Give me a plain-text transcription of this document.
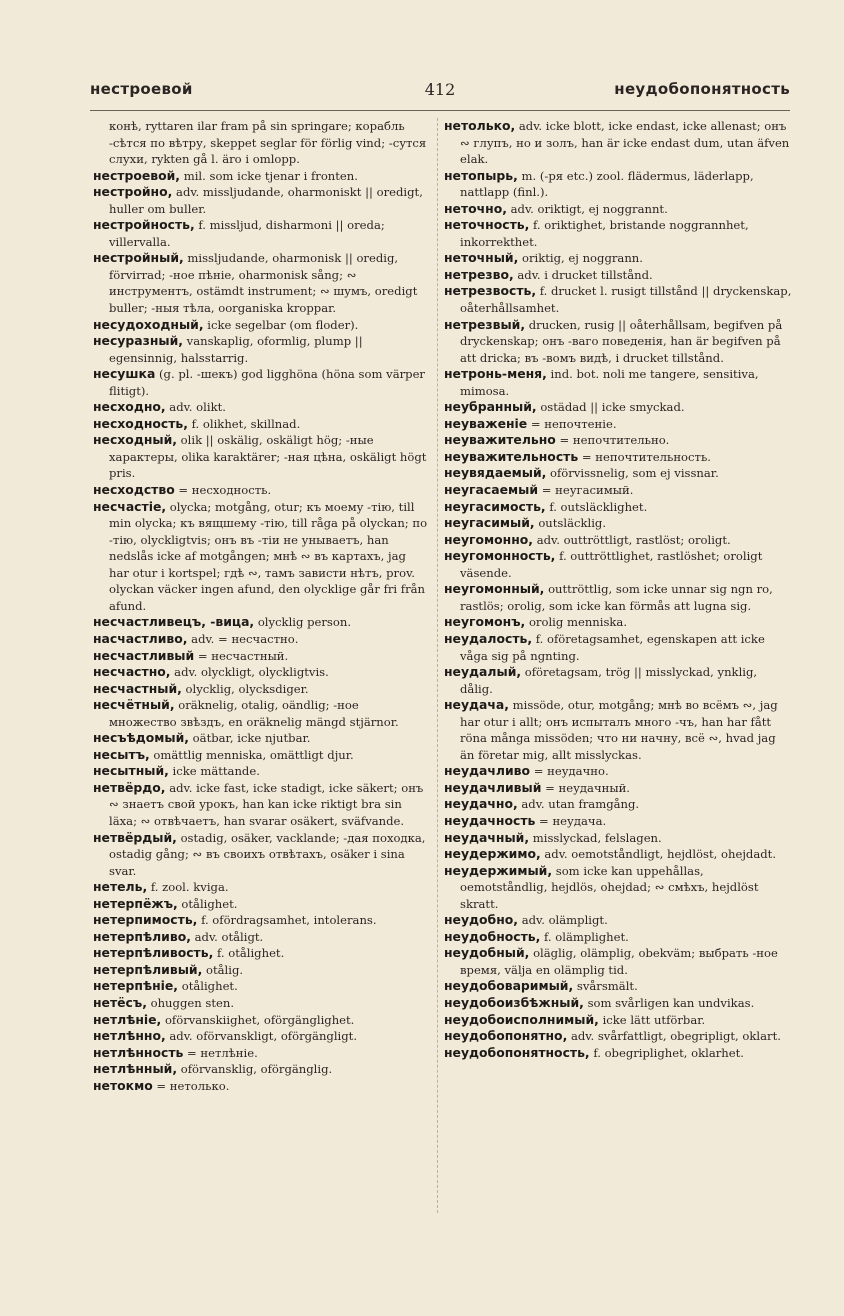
нестроевой	412	неудобопонятность

конѣ, ryttaren ilar fram på sin springare; корабль -сѣтся по вѣтру, skeppet seglar för förlig vind; -сутся слухи, rykten gå l. äro i omlopp.

нестроевой, mil. som icke tjenar i fronten.

нестройно, adv. missljudande, oharmoniskt || oredigt, huller om buller.

нестройность, f. missljud, disharmoni || oreda; villervalla.

нестройный, missljudande, oharmonisk || oredig, förvirrad; -ное пѣніе, oharmonisk sång; ∾ инструментъ, ostämdt instrument; ∾ шумъ, oredigt buller; -ныя тѣла, oorganiska kroppar.

несудоходный, icke segelbar (om floder).

несуразный, vanskaplig, oformlig, plump || egensinnig, halsstarrig.

несушка (g. pl. -шекъ) god ligghöna (höna som värper flitigt).

несходно, adv. olikt.

несходность, f. olikhet, skillnad.

несходный, olik || oskälig, oskäligt hög; -ные характеры, olika karaktärer; -ная цѣна, oskäligt högt pris.

несходство = несходность.

несчастіе, olycka; motgång, otur; къ моему -тію, till min olycka; къ вящшему -тію, till råga på olyckan; по -тію, olyckligtvis; онъ въ -тіи не унываетъ, han nedslås icke af motgången; мнѣ ∾ въ картахъ, jag har otur i kortspel; гдѣ ∾, тамъ зависти нѣтъ, prov. olyckan väcker ingen afund, den olycklige går fri från afund.

несчастливецъ, -вица, olycklig person.

насчастливо, adv. = несчастно.

несчастливый = несчастный.

несчастно, adv. olyckligt, olyckligtvis.

несчастный, olycklig, olycksdiger.

несчётный, oräknelig, otalig, oändlig; -ное множество звѣздъ, en oräknelig mängd stjärnor.

несъѣдомый, oätbar, icke njutbar.

несытъ, omättlig menniska, omättligt djur.

несытный, icke mättande.

нетвёрдо, adv. icke fast, icke stadigt, icke säkert; онъ ∾ знаетъ свой урокъ, han kan icke riktigt bra sin läxa; ∾ отвѣчаетъ, han svarar osäkert, sväfvande.

нетвёрдый, ostadig, osäker, vacklande; -дая походка, ostadig gång; ∾ въ своихъ отвѣтахъ, osäker i sina svar.

нетель, f. zool. kviga.

нетерпёжъ, otålighet.

нетерпимость, f. ofördragsamhet, intolerans.

нетерпѣливо, adv. otåligt.

нетерпѣливость, f. otålighet.

нетерпѣливый, otålig.

нетерпѣніе, otålighet.

нетёсъ, ohuggen sten.

нетлѣніе, oförvanskiighet, oförgänglighet.

нетлѣнно, adv. oförvanskligt, oförgängligt.

нетлѣнность = нетлѣніе.

нетлѣнный, oförvansklig, oförgänglig.

нетокмо = нетолько.

нетолько, adv. icke blott, icke endast, icke allenast; онъ ∾ глупъ, но и золъ, han är icke endast dum, utan äfven elak.

нетопырь, m. (-ря etc.) zool. flädermus, läderlapp, nattlapp (finl.).

неточно, adv. oriktigt, ej noggrannt.

неточность, f. oriktighet, bristande noggrannhet, inkorrekthet.

неточный, oriktig, ej noggrann.

нетрезво, adv. i drucket tillstånd.

нетрезвость, f. drucket l. rusigt tillstånd || dryckenskap, oåterhållsamhet.

нетрезвый, drucken, rusig || oåterhållsam, begifven på dryckenskap; онъ -ваго поведенія, han är begifven på att dricka; въ -вомъ видѣ, i drucket tillstånd.

нетронь-меня, ind. bot. noli me tangere, sensitiva, mimosa.

неубранный, ostädad || icke smyckad.

неуваженіе = непочтеніе.

неуважительно = непочтительно.

неуважительность = непочтительность.

неувядаемый, oförvissnelig, som ej vissnar.

неугасаемый = неугасимый.

неугасимость, f. outsläcklighet.

неугасимый, outsläcklig.

неугомонно, adv. outtröttligt, rastlöst; oroligt.

неугомонность, f. outtröttlighet, rastlöshet; oroligt väsende.

неугомонный, outtröttlig, som icke unnar sig ngn ro, rastlös; orolig, som icke kan förmås att lugna sig.

неугомонъ, orolig menniska.

неудалость, f. oföretagsamhet, egenskapen att icke våga sig på ngnting.

неудалый, oföretagsam, trög || misslyckad, ynklig, dålig.

неудача, missöde, otur, motgång; мнѣ во всёмъ ∾, jag har otur i allt; онъ испыталъ много -чъ, han har fått röna många missöden; что ни начну, всё ∾, hvad jag än företar mig, allt misslyckas.

неудачливо = неудачно.

неудачливый = неудачный.

неудачно, adv. utan framgång.

неудачность = неудача.

неудачный, misslyckad, felslagen.

неудержимо, adv. oemotståndligt, hejdlöst, ohejdadt.

неудержимый, som icke kan uppehållas, oemotståndlig, hejdlös, ohejdad; ∾ смѣхъ, hejdlöst skratt.

неудобно, adv. olämpligt.

неудобность, f. olämplighet.

неудобный, oläglig, olämplig, obekväm; выбрать -ное время, välja en olämplig tid.

неудобоваримый, svårsmält.

неудобоизбѣжный, som svårligen kan undvikas.

неудобоисполнимый, icke lätt utförbar.

неудобопонятно, adv. svårfattligt, obegripligt, oklart.

неудобопонятность, f. obegriplighet, oklarhet.
